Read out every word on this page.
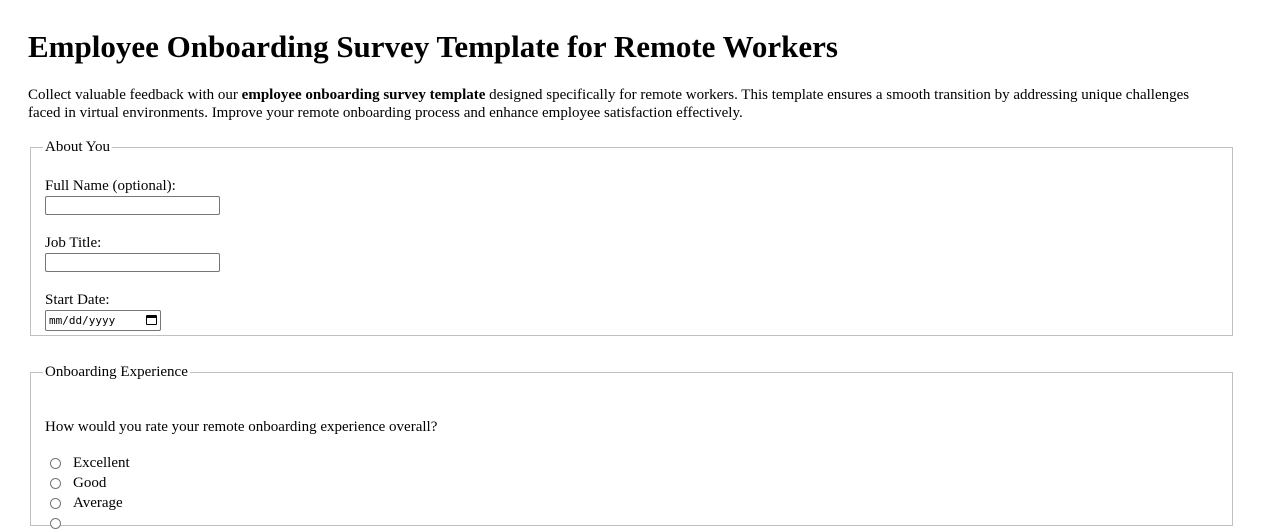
Employee Onboarding Survey Template for Remote Workers

Collect valuable feedback with our employee onboarding survey template designed specifically for remote workers. This template ensures a smooth transition by addressing unique challenges faced in virtual environments. Improve your remote onboarding process and enhance employee satisfaction effectively.

About You
Full Name (optional):
Job Title:
Start Date:
mm/dd/yyyy
Onboarding Experience

How would you rate your remote onboarding experience overall?

Excellent
Good
Average
